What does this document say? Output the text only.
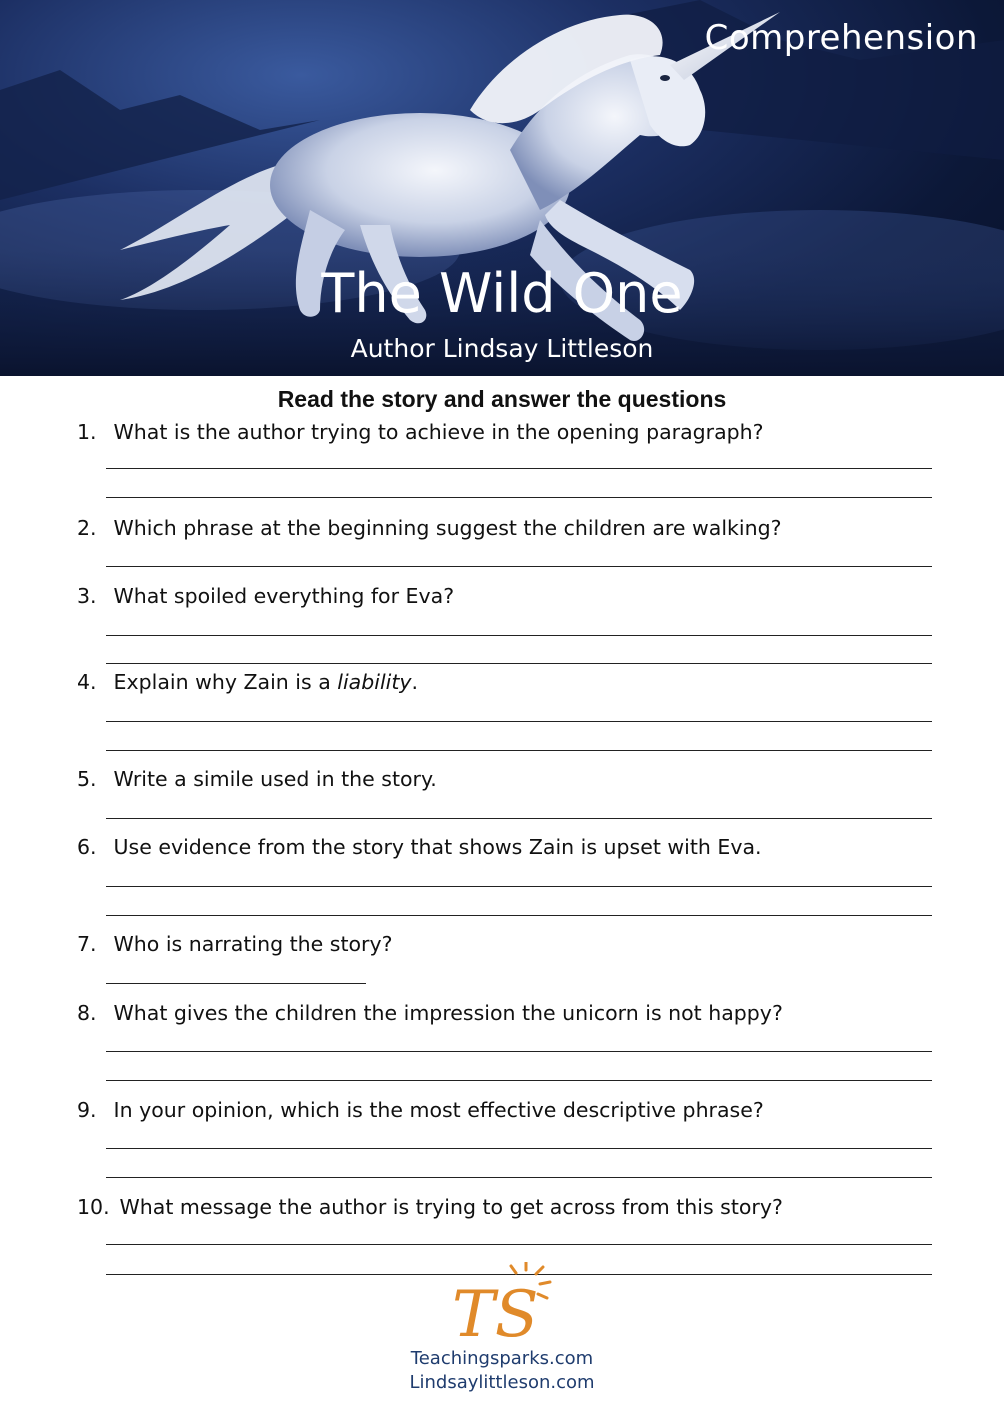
Comprehension
The Wild One
Author Lindsay Littleson
Read the story and answer the questions
1. What is the author trying to achieve in the opening paragraph?
2. Which phrase at the beginning suggest the children are walking?
3. What spoiled everything for Eva?
4. Explain why Zain is a liability.
5. Write a simile used in the story.
6. Use evidence from the story that shows Zain is upset with Eva.
7. Who is narrating the story?
8. What gives the children the impression the unicorn is not happy?
9. In your opinion, which is the most effective descriptive phrase?
10. What message the author is trying to get across from this story?
TS
Teachingsparks.com
Lindsaylittleson.com
